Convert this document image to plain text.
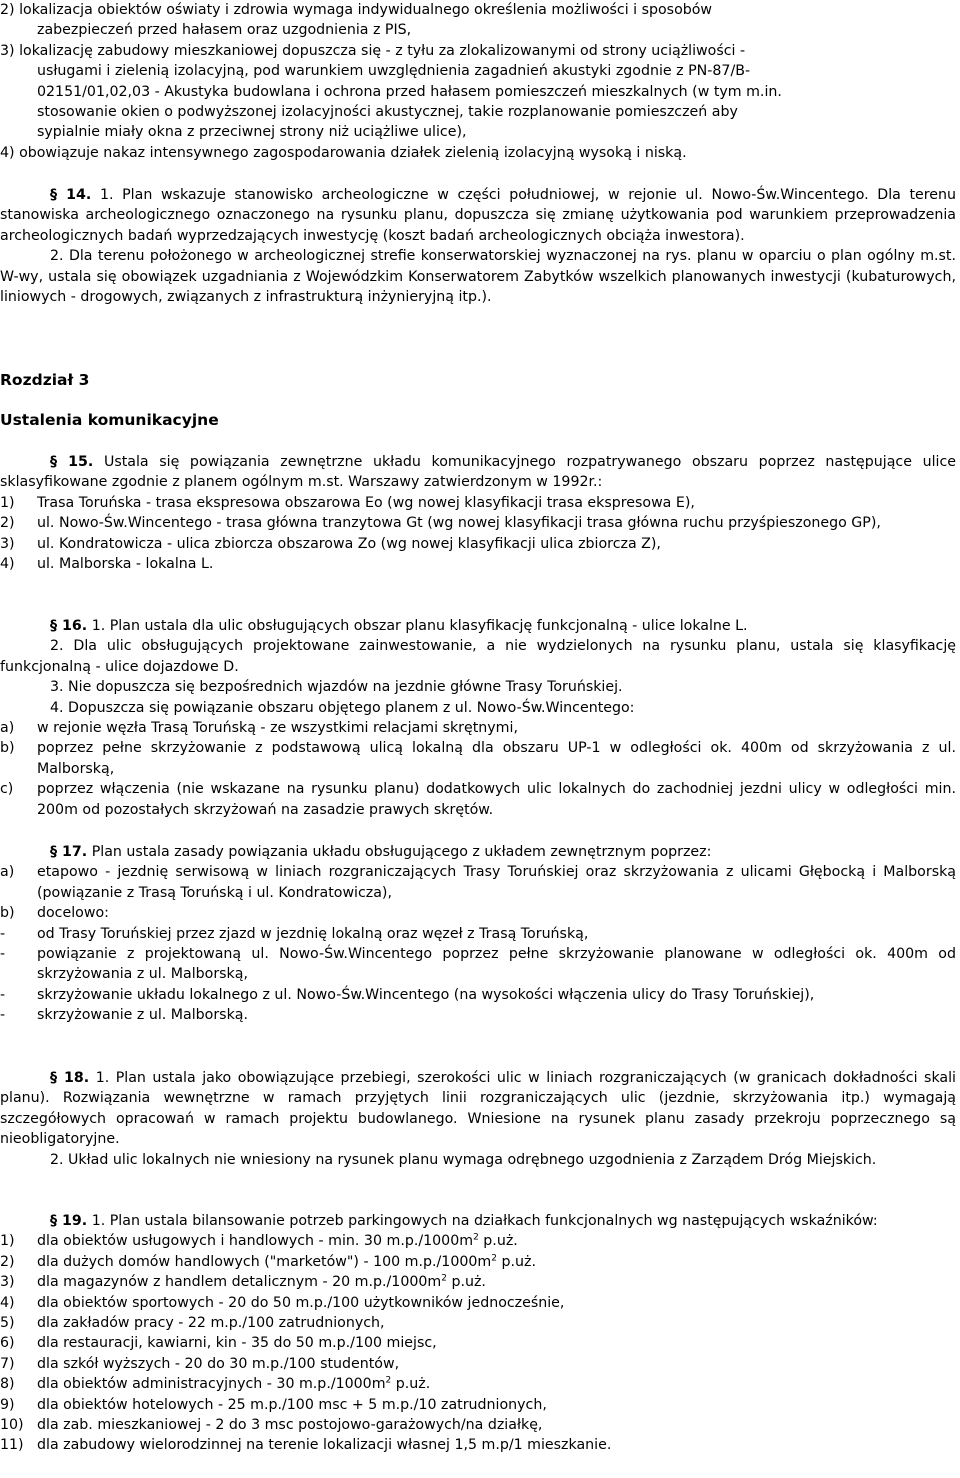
2) lokalizacja obiektów oświaty i zdrowia wymaga indywidualnego określenia możliwości i sposobów

zabezpieczeń przed hałasem oraz uzgodnienia z PIS,

3) lokalizację zabudowy mieszkaniowej dopuszcza się - z tyłu za zlokalizowanymi od strony uciążliwości -

usługami i zielenią izolacyjną, pod warunkiem uwzględnienia zagadnień akustyki zgodnie z PN-87/B-

02151/01,02,03 - Akustyka budowlana i ochrona przed hałasem pomieszczeń mieszkalnych (w tym m.in.

stosowanie okien o podwyższonej izolacyjności akustycznej, takie rozplanowanie pomieszczeń aby

sypialnie miały okna z przeciwnej strony niż uciążliwe ulice),

4) obowiązuje nakaz intensywnego zagospodarowania działek zielenią izolacyjną wysoką i niską.

§ 14. 1. Plan wskazuje stanowisko archeologiczne w części południowej, w rejonie ul. Nowo-Św.Wincentego. Dla terenu stanowiska archeologicznego oznaczonego na rysunku planu, dopuszcza się zmianę użytkowania pod warunkiem przeprowadzenia archeologicznych badań wyprzedzających inwestycję (koszt badań archeologicznych obciąża inwestora).

2. Dla terenu położonego w archeologicznej strefie konserwatorskiej wyznaczonej na rys. planu w oparciu o plan ogólny m.st. W-wy, ustala się obowiązek uzgadniania z Wojewódzkim Konserwatorem Zabytków wszelkich planowanych inwestycji (kubaturowych, liniowych - drogowych, związanych z infrastrukturą inżynieryjną itp.).

Rozdział 3

Ustalenia komunikacyjne

§ 15. Ustala się powiązania zewnętrzne układu komunikacyjnego rozpatrywanego obszaru poprzez następujące ulice sklasyfikowane zgodnie z planem ogólnym m.st. Warszawy zatwierdzonym w 1992r.:

1) Trasa Toruńska - trasa ekspresowa obszarowa Eo (wg nowej klasyfikacji trasa ekspresowa E),

2) ul. Nowo-Św.Wincentego - trasa główna tranzytowa Gt (wg nowej klasyfikacji trasa główna ruchu przyśpieszonego GP),

3) ul. Kondratowicza - ulica zbiorcza obszarowa Zo (wg nowej klasyfikacji ulica zbiorcza Z),

4) ul. Malborska - lokalna L.

§ 16. 1. Plan ustala dla ulic obsługujących obszar planu klasyfikację funkcjonalną - ulice lokalne L.

2. Dla ulic obsługujących projektowane zainwestowanie, a nie wydzielonych na rysunku planu, ustala się klasyfikację funkcjonalną - ulice dojazdowe D.

3. Nie dopuszcza się bezpośrednich wjazdów na jezdnie główne Trasy Toruńskiej.

4. Dopuszcza się powiązanie obszaru objętego planem z ul. Nowo-Św.Wincentego:

a) w rejonie węzła Trasą Toruńską - ze wszystkimi relacjami skrętnymi,

b) poprzez pełne skrzyżowanie z podstawową ulicą lokalną dla obszaru UP-1 w odległości ok. 400m od skrzyżowania z ul. Malborską,

c) poprzez włączenia (nie wskazane na rysunku planu) dodatkowych ulic lokalnych do zachodniej jezdni ulicy w odległości min. 200m od pozostałych skrzyżowań na zasadzie prawych skrętów.

§ 17. Plan ustala zasady powiązania układu obsługującego z układem zewnętrznym poprzez:

a) etapowo - jezdnię serwisową w liniach rozgraniczających Trasy Toruńskiej oraz skrzyżowania z ulicami Głębocką i Malborską (powiązanie z Trasą Toruńską i ul. Kondratowicza),

b) docelowo:

- od Trasy Toruńskiej przez zjazd w jezdnię lokalną oraz węzeł z Trasą Toruńską,

- powiązanie z projektowaną ul. Nowo-Św.Wincentego poprzez pełne skrzyżowanie planowane w odległości ok. 400m od skrzyżowania z ul. Malborską,

- skrzyżowanie układu lokalnego z ul. Nowo-Św.Wincentego (na wysokości włączenia ulicy do Trasy Toruńskiej),

- skrzyżowanie z ul. Malborską.

§ 18. 1. Plan ustala jako obowiązujące przebiegi, szerokości ulic w liniach rozgraniczających (w granicach dokładności skali planu). Rozwiązania wewnętrzne w ramach przyjętych linii rozgraniczających ulic (jezdnie, skrzyżowania itp.) wymagają szczegółowych opracowań w ramach projektu budowlanego. Wniesione na rysunek planu zasady przekroju poprzecznego są nieobligatoryjne.

2. Układ ulic lokalnych nie wniesiony na rysunek planu wymaga odrębnego uzgodnienia z Zarządem Dróg Miejskich.

§ 19. 1. Plan ustala bilansowanie potrzeb parkingowych na działkach funkcjonalnych wg następujących wskaźników:

1) dla obiektów usługowych i handlowych - min. 30 $m.p./1000m^2$ p.uż.

2) dla dużych domów handlowych ("marketów") - 100 $m.p./1000m^2$ p.uż.

3) dla magazynów z handlem detalicznym - 20 $m.p./1000m^2$ p.uż.

4) dla obiektów sportowych - 20 do 50 m.p./100 użytkowników jednocześnie,

5) dla zakładów pracy - 22 m.p./100 zatrudnionych,

6) dla restauracji, kawiarni, kin - 35 do 50 m.p./100 miejsc,

7) dla szkół wyższych - 20 do 30 m.p./100 studentów,

8) dla obiektów administracyjnych - 30 $m.p./1000m^2$ p.uż.

9) dla obiektów hotelowych - 25 m.p./100 msc + 5 m.p./10 zatrudnionych,

10) dla zab. mieszkaniowej - 2 do 3 msc postojowo-garażowych/na działkę,

11) dla zabudowy wielorodzinnej na terenie lokalizacji własnej 1,5 m.p/1 mieszkanie.
